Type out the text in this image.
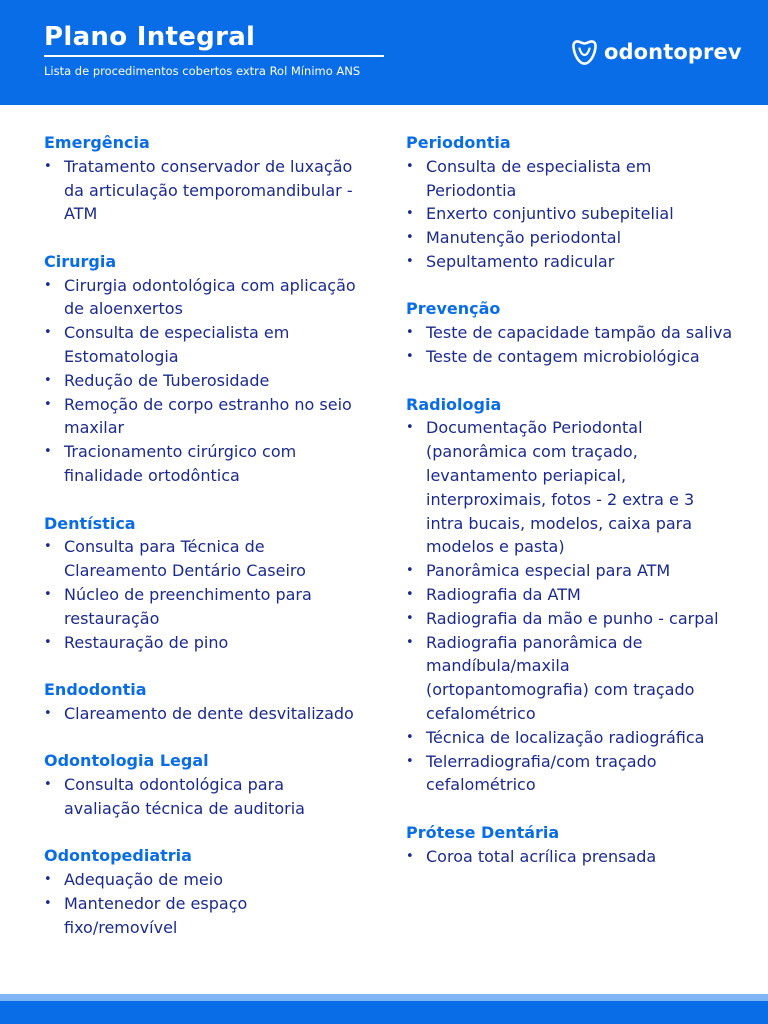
Plano Integral
Lista de procedimentos cobertos extra Rol Mínimo ANS
odontoprev
Emergência
• Tratamento conservador de luxação da articulação temporomandibular - ATM
Cirurgia
• Cirurgia odontológica com aplicação de aloenxertos
• Consulta de especialista em Estomatologia
• Redução de Tuberosidade
• Remoção de corpo estranho no seio maxilar
• Tracionamento cirúrgico com finalidade ortodôntica
Dentística
• Consulta para Técnica de Clareamento Dentário Caseiro
• Núcleo de preenchimento para restauração
• Restauração de pino
Endodontia
• Clareamento de dente desvitalizado
Odontologia Legal
• Consulta odontológica para avaliação técnica de auditoria
Odontopediatria
• Adequação de meio
• Mantenedor de espaço fixo/removível
Periodontia
• Consulta de especialista em Periodontia
• Enxerto conjuntivo subepitelial
• Manutenção periodontal
• Sepultamento radicular
Prevenção
• Teste de capacidade tampão da saliva
• Teste de contagem microbiológica
Radiologia
• Documentação Periodontal (panorâmica com traçado, levantamento periapical, interproximais, fotos - 2 extra e 3 intra bucais, modelos, caixa para modelos e pasta)
• Panorâmica especial para ATM
• Radiografia da ATM
• Radiografia da mão e punho - carpal
• Radiografia panorâmica de mandíbula/maxila (ortopantomografia) com traçado cefalométrico
• Técnica de localização radiográfica
• Telerradiografia/com traçado cefalométrico
Prótese Dentária
• Coroa total acrílica prensada
